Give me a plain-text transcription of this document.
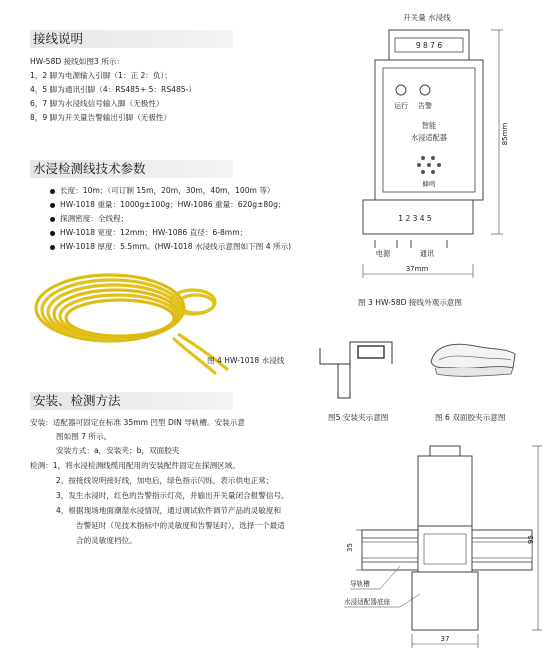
接线说明
HW-58D 接线如图3 所示：
1，2 脚为电源输入引脚（1：正 2：负）；
4，5 脚为通讯引脚（4：RS485+ 5：RS485-）
6，7 脚为水浸线信号输入脚（无极性）
8，9 脚为开关量告警输出引脚（无极性）
水浸检测线技术参数
长度：10m；（可订制 15m，20m，30m，40m，100m 等）
HW-1018 重量：1000g±100g；HW-1086 重量：620g±80g；
探测密度：全线程；
HW-1018 宽度：12mm；HW-1086 直径：6-8mm；
HW-1018 厚度：5.5mm。(HW-1018 水浸线示意图如下图 4 所示)
图 4 HW-1018 水浸线
开关量 水浸线
9 8 7 6
运行 告警
智能
水浸适配器
蜂鸣
1 2 3 4 5
电源	通讯
37mm
85mm
图 3 HW-58D 接线外观示意图
图5 安装夹示意图	图 6 双面胶夹示意图
安装、检测方法
安装：适配器可固定在标准 35mm 凹型 DIN 导轨槽。安装示意
图如图 7 所示。
安装方式：a，安装夹；b，双面胶夹
检测：1，将水浸检测线缆用配用的安装配件固定在探测区域。
2，按接线说明接好线，加电后，绿色指示闪烁，表示供电正常；
3，发生水浸时，红色的告警指示灯亮，并输出开关量闭合报警信号。
4，根据现场地面潮湿水浸情况，通过调试软件调节产品的灵敏度和
告警延时（见技术指标中的灵敏度和告警延时），选择一个最适
合的灵敏度档位。
35
95
37
导轨槽
水浸适配器底座
